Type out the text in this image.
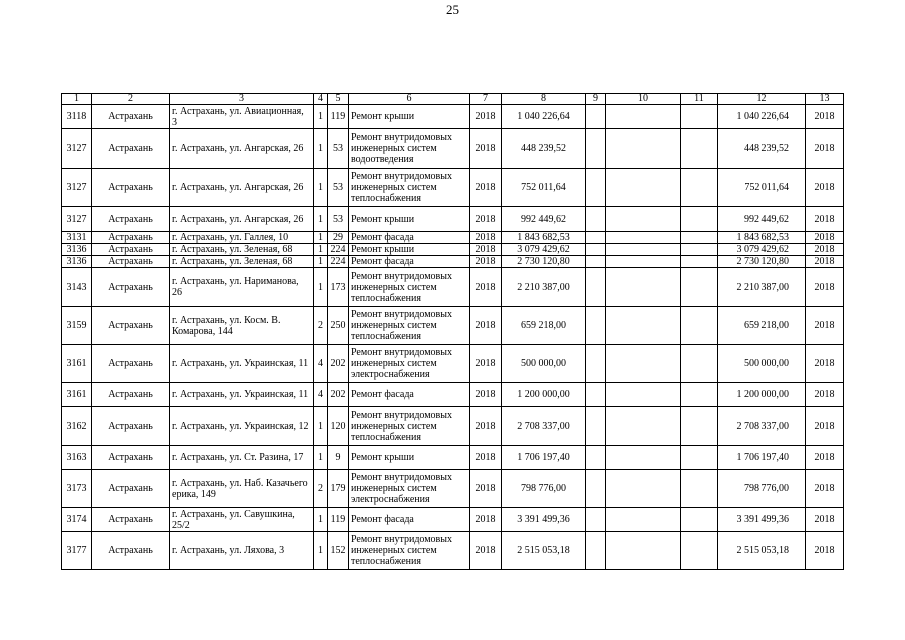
25
1	2	3	4	5	6	7	8	9	10	11	12	13
3118	Астрахань	г. Астрахань, ул. Авиационная, 3	1	119	Ремонт крыши	2018	1 040 226,64				1 040 226,64	2018
3127	Астрахань	г. Астрахань, ул. Ангарская, 26	1	53	Ремонт внутридомовых инженерных систем водоотведения	2018	448 239,52				448 239,52	2018
3127	Астрахань	г. Астрахань, ул. Ангарская, 26	1	53	Ремонт внутридомовых инженерных систем теплоснабжения	2018	752 011,64				752 011,64	2018
3127	Астрахань	г. Астрахань, ул. Ангарская, 26	1	53	Ремонт крыши	2018	992 449,62				992 449,62	2018
3131	Астрахань	г. Астрахань, ул. Галлея, 10	1	29	Ремонт фасада	2018	1 843 682,53				1 843 682,53	2018
3136	Астрахань	г. Астрахань, ул. Зеленая, 68	1	224	Ремонт крыши	2018	3 079 429,62				3 079 429,62	2018
3136	Астрахань	г. Астрахань, ул. Зеленая, 68	1	224	Ремонт фасада	2018	2 730 120,80				2 730 120,80	2018
3143	Астрахань	г. Астрахань, ул. Нариманова, 26	1	173	Ремонт внутридомовых инженерных систем теплоснабжения	2018	2 210 387,00				2 210 387,00	2018
3159	Астрахань	г. Астрахань, ул. Косм. В. Комарова, 144	2	250	Ремонт внутридомовых инженерных систем теплоснабжения	2018	659 218,00				659 218,00	2018
3161	Астрахань	г. Астрахань, ул. Украинская, 11	4	202	Ремонт внутридомовых инженерных систем электроснабжения	2018	500 000,00				500 000,00	2018
3161	Астрахань	г. Астрахань, ул. Украинская, 11	4	202	Ремонт фасада	2018	1 200 000,00				1 200 000,00	2018
3162	Астрахань	г. Астрахань, ул. Украинская, 12	1	120	Ремонт внутридомовых инженерных систем теплоснабжения	2018	2 708 337,00				2 708 337,00	2018
3163	Астрахань	г. Астрахань, ул. Ст. Разина, 17	1	9	Ремонт крыши	2018	1 706 197,40				1 706 197,40	2018
3173	Астрахань	г. Астрахань, ул. Наб. Казачьего ерика, 149	2	179	Ремонт внутридомовых инженерных систем электроснабжения	2018	798 776,00				798 776,00	2018
3174	Астрахань	г. Астрахань, ул. Савушкина, 25/2	1	119	Ремонт фасада	2018	3 391 499,36				3 391 499,36	2018
3177	Астрахань	г. Астрахань, ул. Ляхова, 3	1	152	Ремонт внутридомовых инженерных систем теплоснабжения	2018	2 515 053,18				2 515 053,18	2018
